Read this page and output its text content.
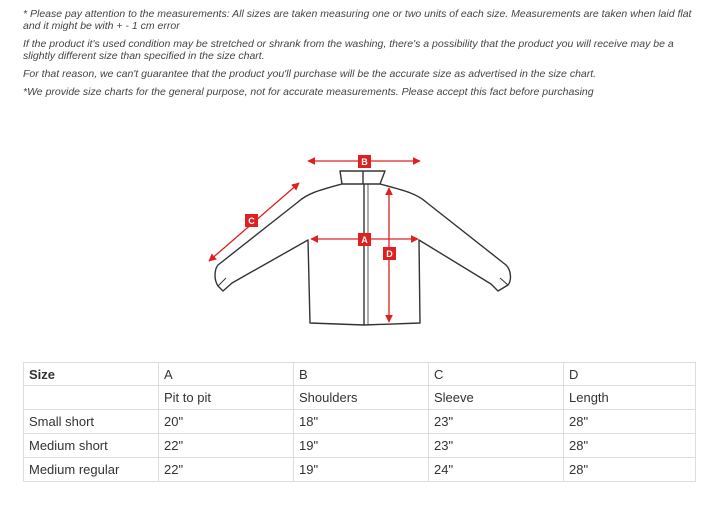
* Please pay attention to the measurements: All sizes are taken measuring one or two units of each size. Measurements are taken when laid flat and it might be with + - 1 cm error

If the product it's used condition may be stretched or shrank from the washing, there's a possibility that the product you will receive may be a slightly different size than specified in the size chart.

For that reason, we can't guarantee that the product you'll purchase will be the accurate size as advertised in the size chart.

*We provide size charts for the general purpose, not for accurate measurements. Please accept this fact before purchasing

B
A
C
D
Size	A	B	C	D
	Pit to pit	Shoulders	Sleeve	Length
Small short	20"	18"	23"	28"
Medium short	22"	19"	23"	28"
Medium regular	22"	19"	24"	28"
